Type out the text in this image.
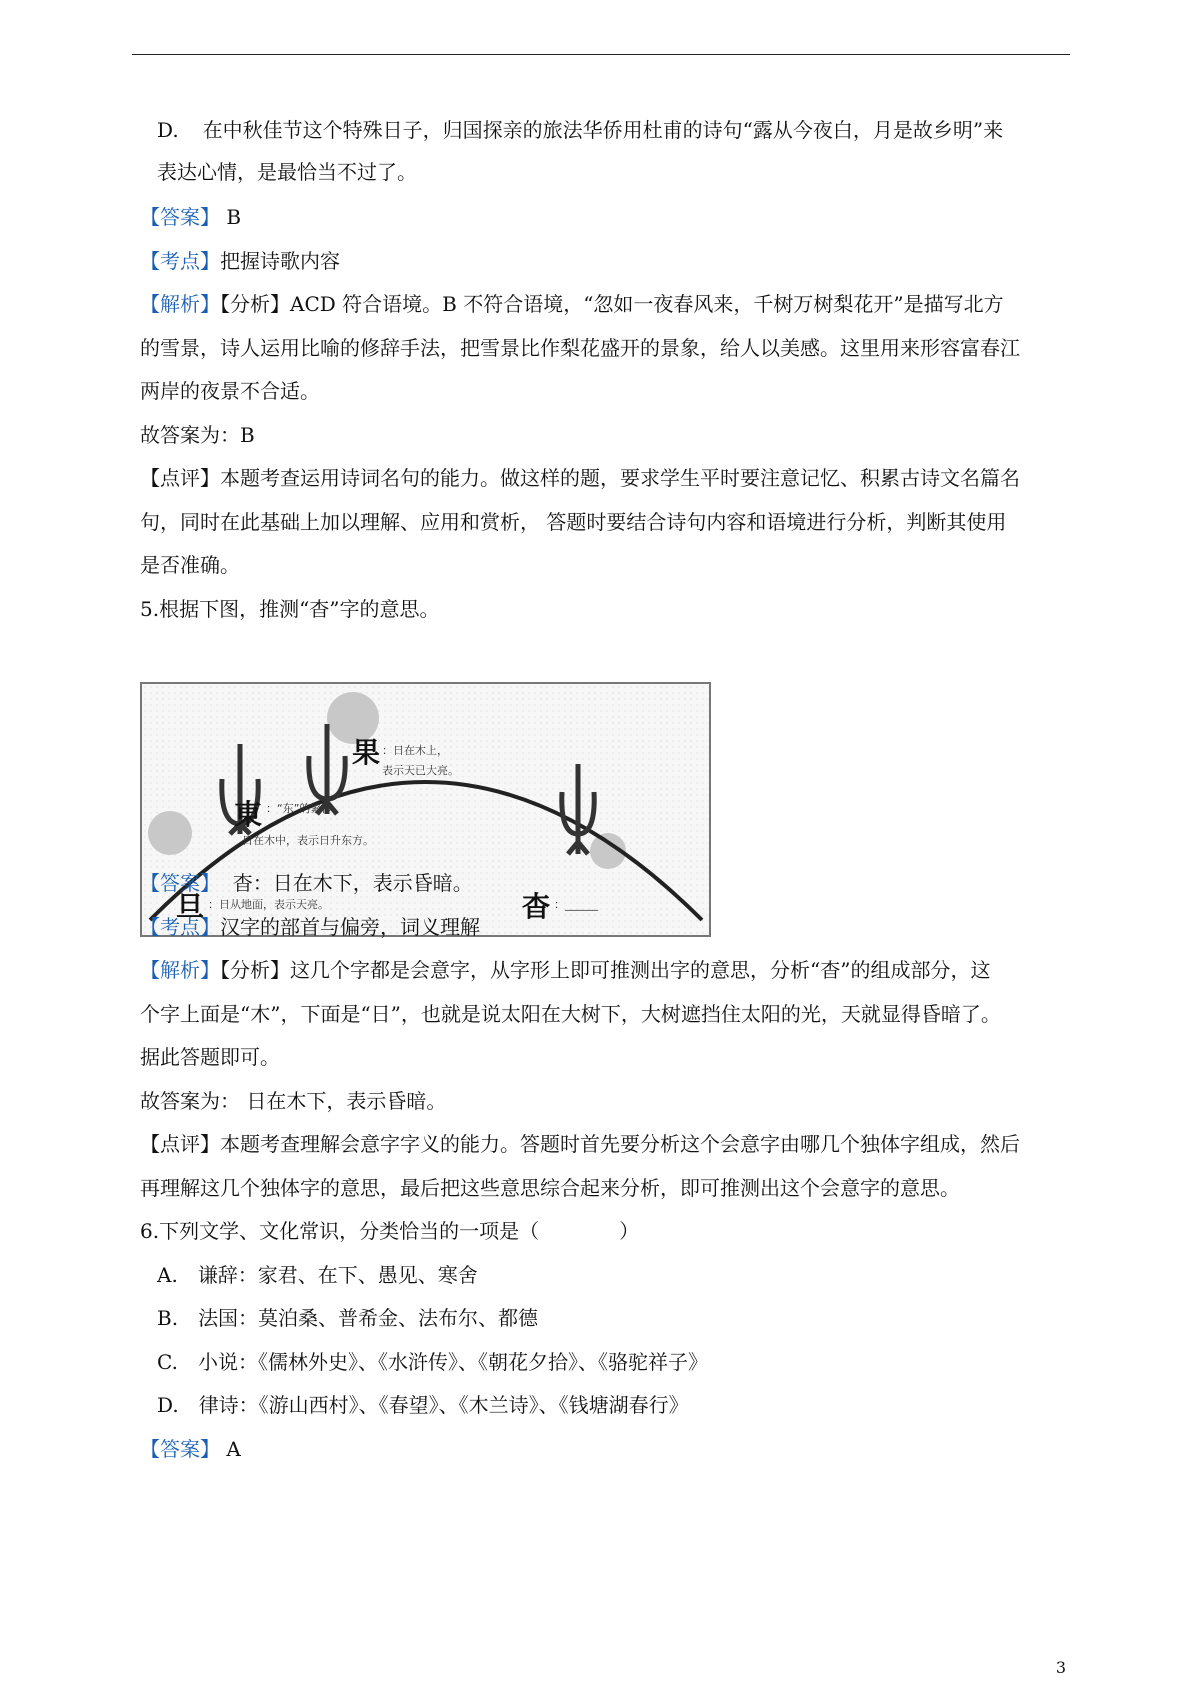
D. 在中秋佳节这个特殊日子，归国探亲的旅法华侨用杜甫的诗句“露从今夜白，月是故乡明”来
表达心情，是最恰当不过了。
【答案】 B
【考点】把握诗歌内容
【解析】【分析】ACD 符合语境。B 不符合语境，“忽如一夜春风来，千树万树梨花开”是描写北方
的雪景，诗人运用比喻的修辞手法，把雪景比作梨花盛开的景象，给人以美感。这里用来形容富春江
两岸的夜景不合适。
故答案为：B
【点评】本题考查运用诗词名句的能力。做这样的题，要求学生平时要注意记忆、积累古诗文名篇名
句，同时在此基础上加以理解、应用和赏析， 答题时要结合诗句内容和语境进行分析，判断其使用
是否准确。
5.根据下图，推测“杳”字的意思。
果 ：日在木上，
表示天已大亮。
東 ：“东”的繁体，
日在木中，表示日升东方。
旦 ：日从地面，表示天亮。	杳 ：______
【答案】 杳：日在木下，表示昏暗。
【考点】汉字的部首与偏旁，词义理解
【解析】【分析】这几个字都是会意字，从字形上即可推测出字的意思，分析“杳”的组成部分，这
个字上面是“木”，下面是“日”，也就是说太阳在大树下，大树遮挡住太阳的光，天就显得昏暗了。
据此答题即可。
故答案为： 日在木下，表示昏暗。
【点评】本题考查理解会意字字义的能力。答题时首先要分析这个会意字由哪几个独体字组成，然后
再理解这几个独体字的意思，最后把这些意思综合起来分析，即可推测出这个会意字的意思。
6.下列文学、文化常识，分类恰当的一项是（　　　　）
A. 谦辞：家君、在下、愚见、寒舍
B. 法国：莫泊桑、普希金、法布尔、都德
C. 小说：《儒林外史》、《水浒传》、《朝花夕拾》、《骆驼祥子》
D. 律诗：《游山西村》、《春望》、《木兰诗》、《钱塘湖春行》
【答案】 A
3
